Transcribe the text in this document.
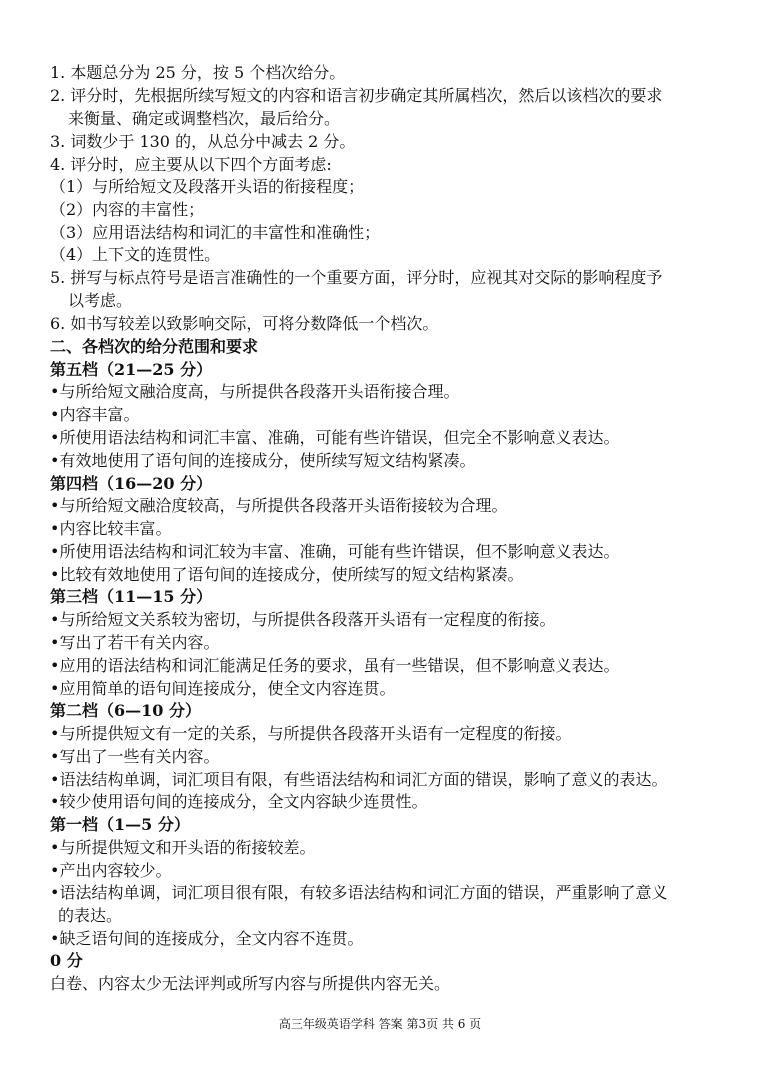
1. 本题总分为 25 分，按 5 个档次给分。
2. 评分时，先根据所续写短文的内容和语言初步确定其所属档次，然后以该档次的要求
来衡量、确定或调整档次，最后给分。
3. 词数少于 130 的，从总分中减去 2 分。
4. 评分时，应主要从以下四个方面考虑:
（1）与所给短文及段落开头语的衔接程度；
（2）内容的丰富性；
（3）应用语法结构和词汇的丰富性和准确性；
（4）上下文的连贯性。
5. 拼写与标点符号是语言准确性的一个重要方面，评分时，应视其对交际的影响程度予
以考虑。
6. 如书写较差以致影响交际，可将分数降低一个档次。
二、各档次的给分范围和要求
第五档（21—25 分）
•与所给短文融洽度高，与所提供各段落开头语衔接合理。
•内容丰富。
•所使用语法结构和词汇丰富、准确，可能有些许错误，但完全不影响意义表达。
•有效地使用了语句间的连接成分，使所续写短文结构紧凑。
第四档（16—20 分）
•与所给短文融洽度较高，与所提供各段落开头语衔接较为合理。
•内容比较丰富。
•所使用语法结构和词汇较为丰富、准确，可能有些许错误，但不影响意义表达。
•比较有效地使用了语句间的连接成分，使所续写的短文结构紧凑。
第三档（11—15 分）
•与所给短文关系较为密切，与所提供各段落开头语有一定程度的衔接。
•写出了若干有关内容。
•应用的语法结构和词汇能满足任务的要求，虽有一些错误，但不影响意义表达。
•应用简单的语句间连接成分，使全文内容连贯。
第二档（6—10 分）
•与所提供短文有一定的关系，与所提供各段落开头语有一定程度的衔接。
•写出了一些有关内容。
•语法结构单调，词汇项目有限，有些语法结构和词汇方面的错误，影响了意义的表达。
•较少使用语句间的连接成分，全文内容缺少连贯性。
第一档（1—5 分）
•与所提供短文和开头语的衔接较差。
•产出内容较少。
•语法结构单调，词汇项目很有限，有较多语法结构和词汇方面的错误，严重影响了意义
的表达。
•缺乏语句间的连接成分，全文内容不连贯。
0 分
白卷、内容太少无法评判或所写内容与所提供内容无关。
高三年级英语学科 答案 第3页 共 6 页
